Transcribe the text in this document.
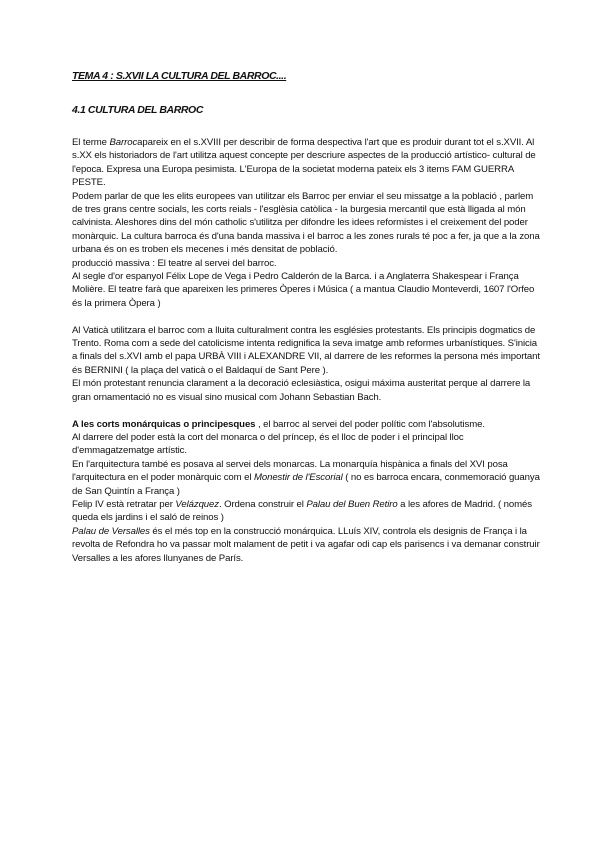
TEMA 4 : S.XVII LA CULTURA DEL BARROC....

4.1 CULTURA DEL BARROC

El terme Barrocapareix en el s.XVIII per describir de forma despectiva l'art que es produir durant tot el s.XVII. Al s.XX els historiadors de l'art utilitza aquest concepte per descriure aspectes de la producció artístico- cultural de l'epoca. Expresa una Europa pesimista. L'Europa de la societat moderna pateix els 3 items FAM GUERRA PESTE.

Podem parlar de que les elits europees van utilitzar els Barroc per enviar el seu missatge a la població , parlem de tres grans centre socials, les corts reials - l'esglèsia catòlica - la burgesia mercantil que està lligada al món calvinista. Aleshores dins del món catholic s'utilitza per difondre les idees reformistes i el creixement del poder monàrquic. La cultura barroca és d'una banda massiva i el barroc a les zones rurals té poc a fer, ja que a la zona urbana és on es troben els mecenes i més densitat de població.

producció massiva : El teatre al servei del barroc.

Al segle d'or espanyol Félix Lope de Vega i Pedro Calderón de la Barca. i a Anglaterra Shakespear i França Molière. El teatre farà que apareixen les primeres Òperes i Música ( a mantua Claudio Monteverdi, 1607 l'Orfeo és la primera Òpera )

Al Vaticà utilitzara el barroc com a lluita culturalment contra les esglésies protestants. Els principis dogmatics de Trento. Roma com a sede del catolicisme intenta redignifica la seva imatge amb reformes urbanístiques. S'inicia a finals del s.XVI amb el papa URBÀ VIII i ALEXANDRE VII, al darrere de les reformes la persona més important és BERNINI ( la plaça del vaticà o el Baldaquí de Sant Pere ).

El món protestant renuncia clarament a la decoració eclesiàstica, osigui máxima austeritat perque al darrere la gran ornamentació no es visual sino musical com Johann Sebastian Bach.

A les corts monárquicas o principesques , el barroc al servei del poder polític com l'absolutisme.

Al darrere del poder està la cort del monarca o del príncep, és el lloc de poder i el principal lloc d'emmagatzematge artístic.

En l'arquitectura també es posava al servei dels monarcas. La monarquía hispànica a finals del XVI posa l'arquitectura en el poder monàrquic com el Monestir de l'Escorial ( no es barroca encara, conmemoració guanya de San Quintín a França )

Felip IV està retratar per Velázquez. Ordena construir el Palau del Buen Retiro a les afores de Madrid. ( només queda els jardins i el saló de reinos )

Palau de Versalles és el més top en la construcció monárquica. LLuís XIV, controla els designis de França i la revolta de Refondra ho va passar molt malament de petit i va agafar odi cap els parisencs i va demanar construir Versalles a les afores llunyanes de París.
